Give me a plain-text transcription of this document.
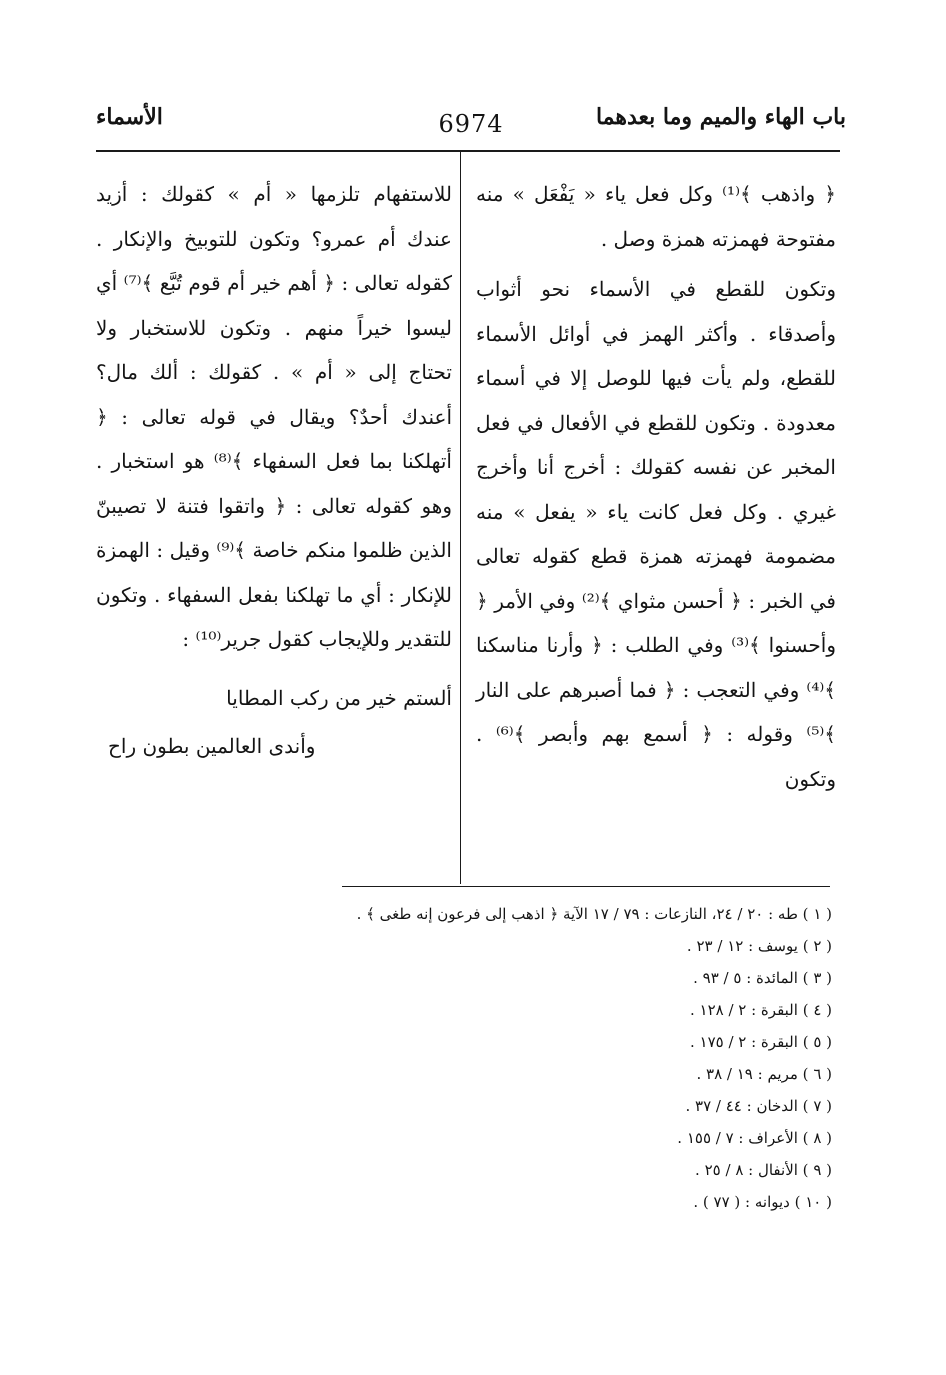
باب الهاء والميم وما بعدهما
6974
الأسماء

﴿ واذهب ﴾⁽¹⁾ وكل فعل ياء « يَفْعَل » منه مفتوحة فهمزته همزة وصل .

وتكون للقطع في الأسماء نحو أثواب وأصدقاء . وأكثر الهمز في أوائل الأسماء للقطع، ولم يأت فيها للوصل إلا في أسماء معدودة . وتكون للقطع في الأفعال في فعل المخبر عن نفسه كقولك : أخرج أنا وأخرج غيري . وكل فعل كانت ياء « يفعل » منه مضمومة فهمزته همزة قطع كقوله تعالى في الخبر : ﴿ أحسن مثواي ﴾⁽²⁾ وفي الأمر ﴿ وأحسنوا ﴾⁽³⁾ وفي الطلب : ﴿ وأرنا مناسكنا ﴾⁽⁴⁾ وفي التعجب : ﴿ فما أصبرهم على النار ﴾⁽⁵⁾ وقوله : ﴿ أسمع بهم وأبصر ﴾⁽⁶⁾ . وتكون

للاستفهام تلزمها « أم » كقولك : أزيد عندك أم عمرو؟ وتكون للتوبيخ والإنكار . كقوله تعالى : ﴿ أهم خير أم قوم تُبَّع ﴾⁽⁷⁾ أي ليسوا خيراً منهم . وتكون للاستخبار ولا تحتاج إلى « أم » . كقولك : ألك مال؟ أعندك أحدٌ؟ ويقال في قوله تعالى : ﴿ أتهلكنا بما فعل السفهاء ﴾⁽⁸⁾ هو استخبار . وهو كقوله تعالى : ﴿ واتقوا فتنة لا تصيبنّ الذين ظلموا منكم خاصة ﴾⁽⁹⁾ وقيل : الهمزة للإنكار : أي ما تهلكنا بفعل السفهاء . وتكون للتقدير وللإيجاب كقول جرير⁽¹⁰⁾ :

ألستم خير من ركب المطايا

وأندى العالمين بطون راح

( ١ ) طه : ٢٠ / ٢٤، النازعات : ٧٩ / ١٧ الآية ﴿ اذهب إلى فرعون إنه طغى ﴾ .

( ٢ ) يوسف : ١٢ / ٢٣ .

( ٣ ) المائدة : ٥ / ٩٣ .

( ٤ ) البقرة : ٢ / ١٢٨ .

( ٥ ) البقرة : ٢ / ١٧٥ .

( ٦ ) مريم : ١٩ / ٣٨ .

( ٧ ) الدخان : ٤٤ / ٣٧ .

( ٨ ) الأعراف : ٧ / ١٥٥ .

( ٩ ) الأنفال : ٨ / ٢٥ .

( ١٠ ) ديوانه : ( ٧٧ ) .
